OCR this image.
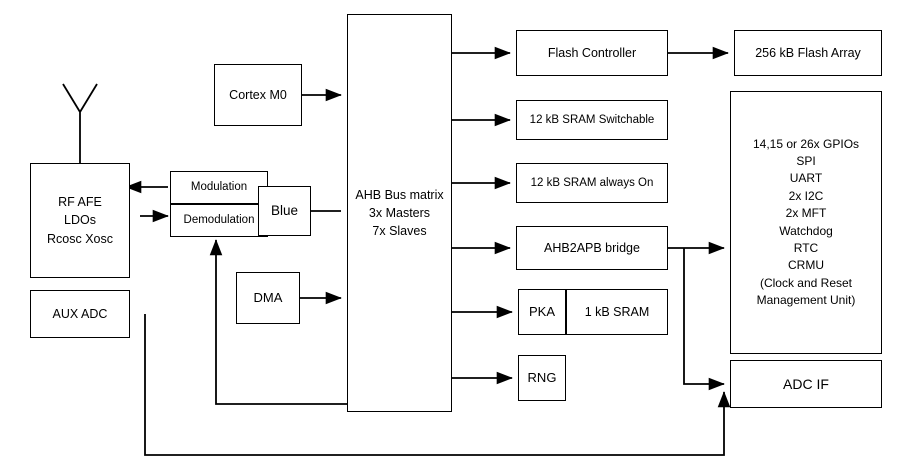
RF AFE
LDOs
Rcosc Xosc
AUX ADC
Modulation
Demodulation
Blue
Cortex M0
DMA
AHB Bus matrix
3x Masters
7x Slaves
Flash Controller	256 kB Flash Array
12 kB SRAM Switchable
12 kB SRAM always On
AHB2APB bridge
PKA 1 kB SRAM
RNG
14,15 or 26x GPIOs
SPI
UART
2x I2C
2x MFT
Watchdog
RTC
CRMU
(Clock and Reset
Management Unit)
ADC IF
